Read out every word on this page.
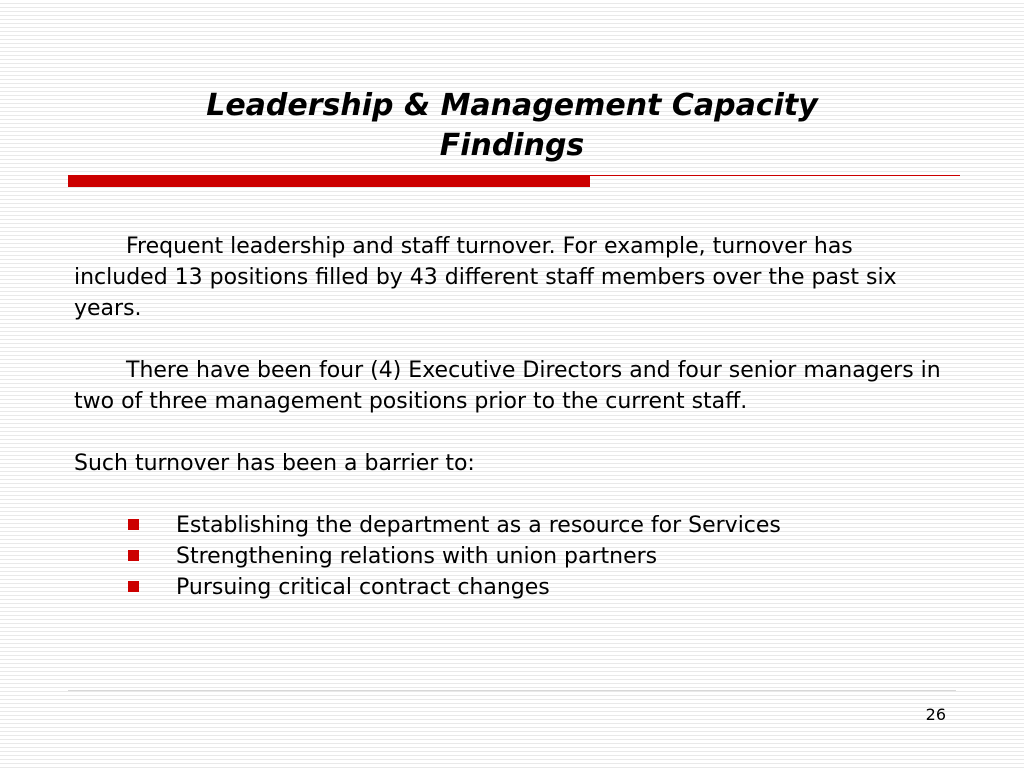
Leadership & Management Capacity
Findings

Frequent leadership and staff turnover. For example, turnover has included 13 positions filled by 43 different staff members over the past six years.

There have been four (4) Executive Directors and four senior managers in two of three management positions prior to the current staff.

Such turnover has been a barrier to:

Establishing the department as a resource for Services
Strengthening relations with union partners
Pursuing critical contract changes
26
